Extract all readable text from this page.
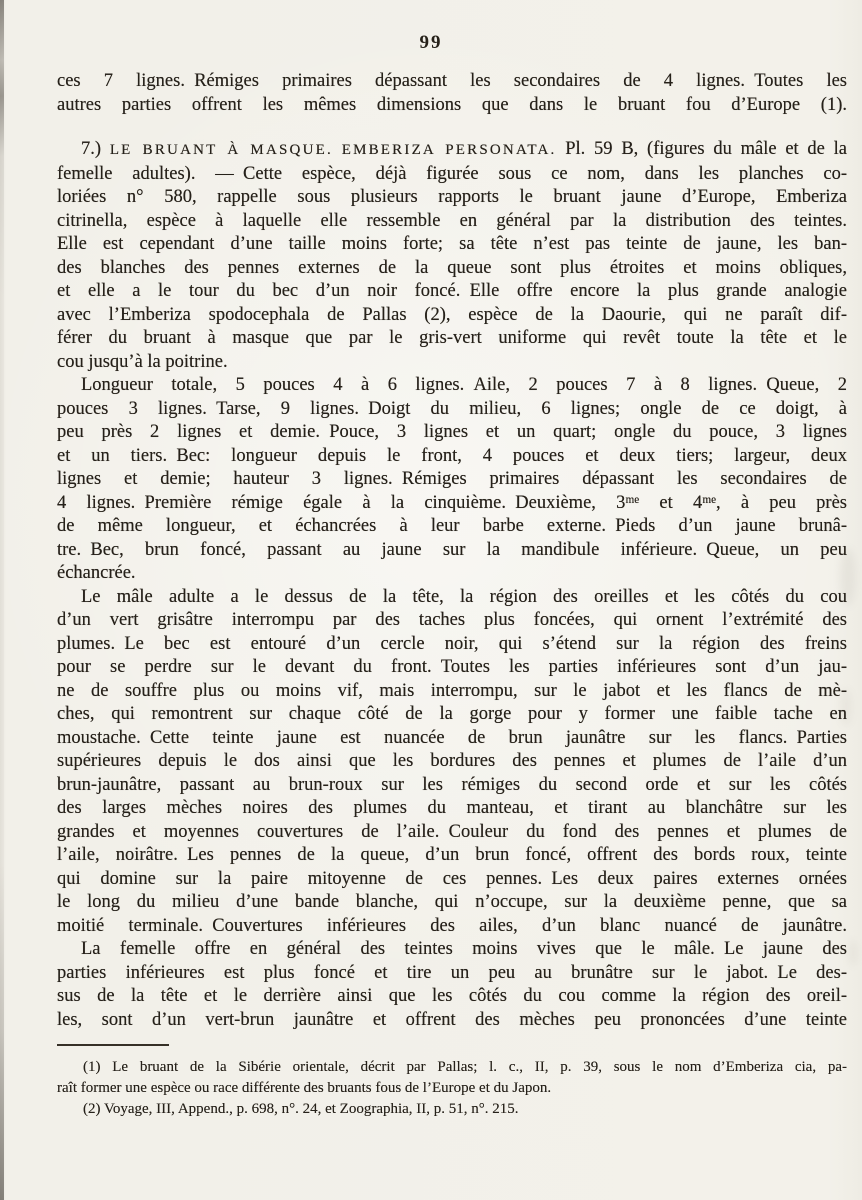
99
ces 7 lignes. Rémiges primaires dépassant les secondaires de 4 lignes. Toutes les
autres parties offrent les mêmes dimensions que dans le bruant fou d’Europe (1).
7.) LE BRUANT À MASQUE. EMBERIZA PERSONATA. Pl. 59 B, (figures du mâle et de la
femelle adultes). — Cette espèce, déjà figurée sous ce nom, dans les planches co-
loriées n° 580, rappelle sous plusieurs rapports le bruant jaune d’Europe, Emberiza
citrinella, espèce à laquelle elle ressemble en général par la distribution des teintes.
Elle est cependant d’une taille moins forte; sa tête n’est pas teinte de jaune, les ban-
des blanches des pennes externes de la queue sont plus étroites et moins obliques,
et elle a le tour du bec d’un noir foncé. Elle offre encore la plus grande analogie
avec l’Emberiza spodocephala de Pallas (2), espèce de la Daourie, qui ne paraît dif-
férer du bruant à masque que par le gris-vert uniforme qui revêt toute la tête et le
cou jusqu’à la poitrine.
Longueur totale, 5 pouces 4 à 6 lignes. Aile, 2 pouces 7 à 8 lignes. Queue, 2
pouces 3 lignes. Tarse, 9 lignes. Doigt du milieu, 6 lignes; ongle de ce doigt, à
peu près 2 lignes et demie. Pouce, 3 lignes et un quart; ongle du pouce, 3 lignes
et un tiers. Bec: longueur depuis le front, 4 pouces et deux tiers; largeur, deux
lignes et demie; hauteur 3 lignes. Rémiges primaires dépassant les secondaires de
4 lignes. Première rémige égale à la cinquième. Deuxième, 3ᵐᵉ et 4ᵐᵉ, à peu près
de même longueur, et échancrées à leur barbe externe. Pieds d’un jaune brunâ-
tre. Bec, brun foncé, passant au jaune sur la mandibule inférieure. Queue, un peu
échancrée.
Le mâle adulte a le dessus de la tête, la région des oreilles et les côtés du cou
d’un vert grisâtre interrompu par des taches plus foncées, qui ornent l’extrémité des
plumes. Le bec est entouré d’un cercle noir, qui s’étend sur la région des freins
pour se perdre sur le devant du front. Toutes les parties inférieures sont d’un jau-
ne de souffre plus ou moins vif, mais interrompu, sur le jabot et les flancs de mè-
ches, qui remontrent sur chaque côté de la gorge pour y former une faible tache en
moustache. Cette teinte jaune est nuancée de brun jaunâtre sur les flancs. Parties
supérieures depuis le dos ainsi que les bordures des pennes et plumes de l’aile d’un
brun-jaunâtre, passant au brun-roux sur les rémiges du second orde et sur les côtés
des larges mèches noires des plumes du manteau, et tirant au blanchâtre sur les
grandes et moyennes couvertures de l’aile. Couleur du fond des pennes et plumes de
l’aile, noirâtre. Les pennes de la queue, d’un brun foncé, offrent des bords roux, teinte
qui domine sur la paire mitoyenne de ces pennes. Les deux paires externes ornées
le long du milieu d’une bande blanche, qui n’occupe, sur la deuxième penne, que sa
moitié terminale. Couvertures inférieures des ailes, d’un blanc nuancé de jaunâtre.
La femelle offre en général des teintes moins vives que le mâle. Le jaune des
parties inférieures est plus foncé et tire un peu au brunâtre sur le jabot. Le des-
sus de la tête et le derrière ainsi que les côtés du cou comme la région des oreil-
les, sont d’un vert-brun jaunâtre et offrent des mèches peu prononcées d’une teinte
(1) Le bruant de la Sibérie orientale, décrit par Pallas; l. c., II, p. 39, sous le nom d’Emberiza cia, pa-
raît former une espèce ou race différente des bruants fous de l’Europe et du Japon.
(2) Voyage, III, Append., p. 698, n°. 24, et Zoographia, II, p. 51, n°. 215.
